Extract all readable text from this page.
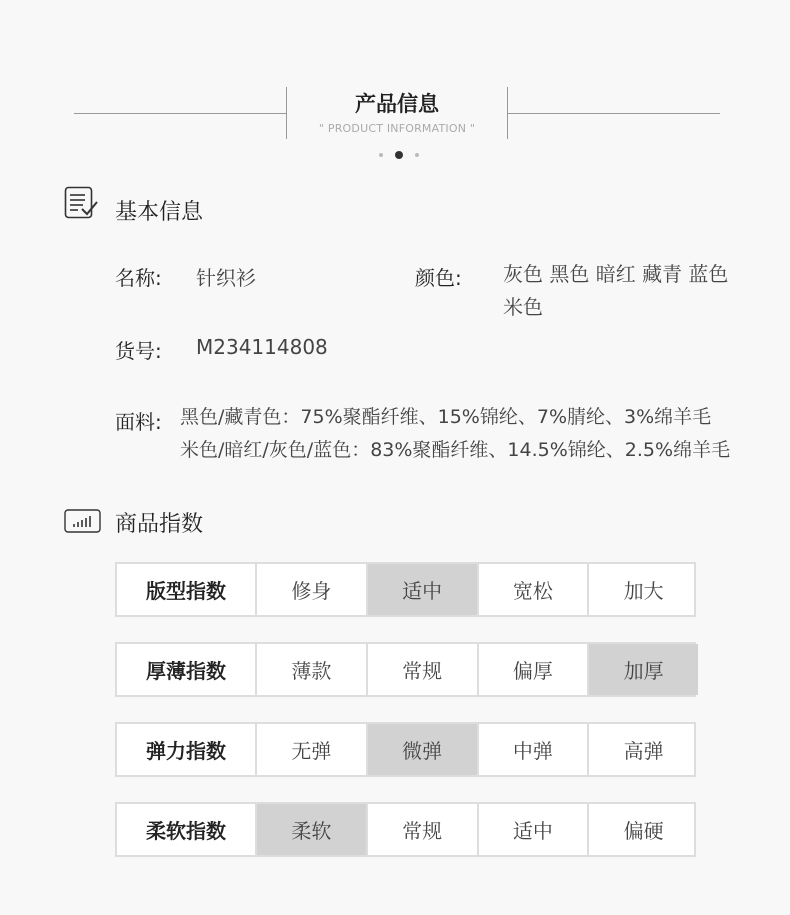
产品信息
" PRODUCT INFORMATION "
基本信息
名称: 针织衫	颜色: 灰色 黑色 暗红 藏青 蓝色
米色
货号: M234114808
面料: 黑色/藏青色：75%聚酯纤维、15%锦纶、7%腈纶、3%绵羊毛
米色/暗红/灰色/蓝色：83%聚酯纤维、14.5%锦纶、2.5%绵羊毛
商品指数
版型指数	修身	适中	宽松	加大
厚薄指数	薄款	常规	偏厚	加厚
弹力指数	无弹	微弹	中弹	高弹
柔软指数	柔软	常规	适中	偏硬
